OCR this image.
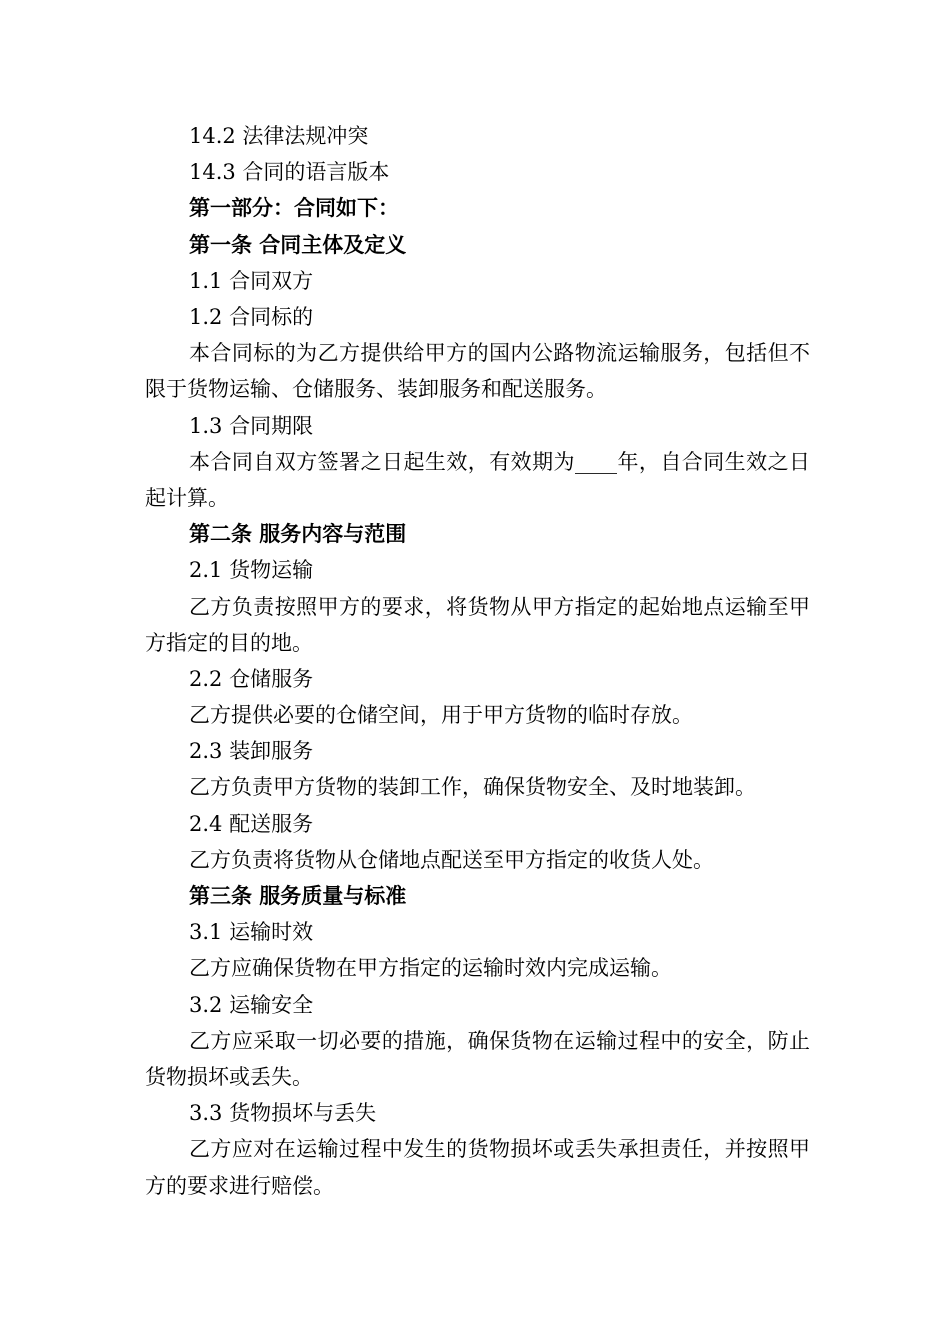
14.2 法律法规冲突
14.3 合同的语言版本
第一部分：合同如下：
第一条 合同主体及定义
1.1 合同双方
1.2 合同标的
本合同标的为乙方提供给甲方的国内公路物流运输服务，包括但不限于货物运输、仓储服务、装卸服务和配送服务。
1.3 合同期限
本合同自双方签署之日起生效，有效期为____年，自合同生效之日起计算。
第二条 服务内容与范围
2.1 货物运输
乙方负责按照甲方的要求，将货物从甲方指定的起始地点运输至甲方指定的目的地。
2.2 仓储服务
乙方提供必要的仓储空间，用于甲方货物的临时存放。
2.3 装卸服务
乙方负责甲方货物的装卸工作，确保货物安全、及时地装卸。
2.4 配送服务
乙方负责将货物从仓储地点配送至甲方指定的收货人处。
第三条 服务质量与标准
3.1 运输时效
乙方应确保货物在甲方指定的运输时效内完成运输。
3.2 运输安全
乙方应采取一切必要的措施，确保货物在运输过程中的安全，防止货物损坏或丢失。
3.3 货物损坏与丢失
乙方应对在运输过程中发生的货物损坏或丢失承担责任，并按照甲方的要求进行赔偿。
